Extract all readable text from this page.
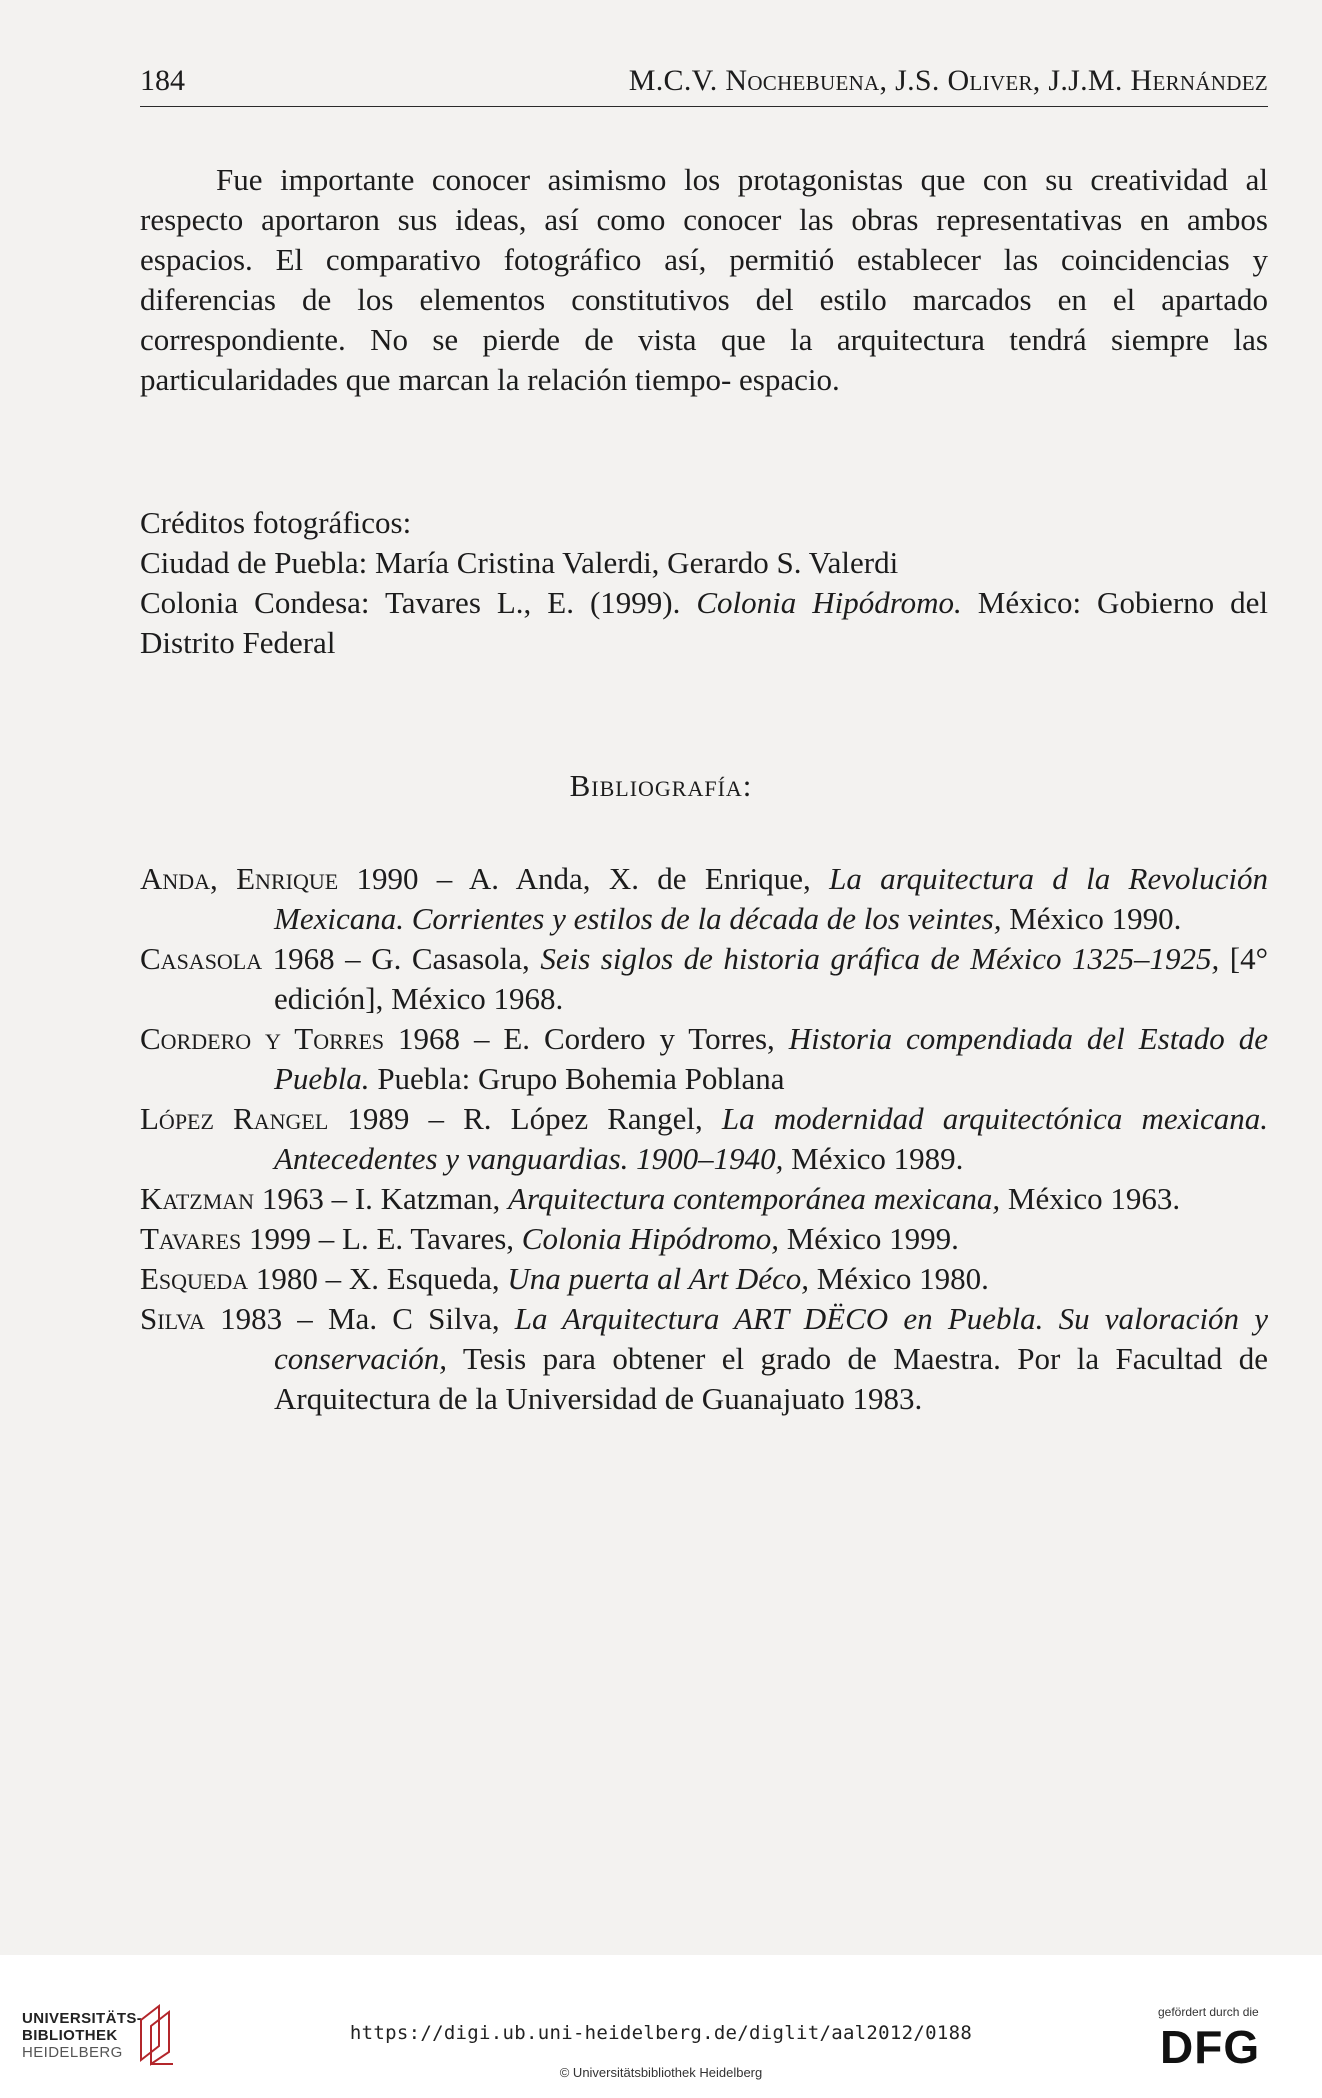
184	M.C.V. Nochebuena, J.S. Oliver, J.J.M. Hernández

Fue importante conocer asimismo los protagonistas que con su creatividad al respecto aportaron sus ideas, así como conocer las obras representativas en ambos espacios. El comparativo fotográfico así, permitió establecer las coincidencias y diferencias de los elementos constitutivos del estilo marcados en el apartado correspondiente. No se pierde de vista que la arquitectura tendrá siempre las particularidades que marcan la relación tiempo- espacio.

Créditos fotográficos:
Ciudad de Puebla: María Cristina Valerdi, Gerardo S. Valerdi
Colonia Condesa: Tavares L., E. (1999). Colonia Hipódromo. México: Gobierno del Distrito Federal
Bibliografía:

Anda, Enrique 1990 – A. Anda, X. de Enrique, La arquitectura d la Revolución Mexicana. Corrientes y estilos de la década de los veintes, México 1990.

Casasola 1968 – G. Casasola, Seis siglos de historia gráfica de México 1325–1925, [4° edición], México 1968.

Cordero y Torres 1968 – E. Cordero y Torres, Historia compendiada del Estado de Puebla. Puebla: Grupo Bohemia Poblana

López Rangel 1989 – R. López Rangel, La modernidad arquitectónica mexicana. Antecedentes y vanguardias. 1900–1940, México 1989.

Katzman 1963 – I. Katzman, Arquitectura contemporánea mexicana, México 1963.

Tavares 1999 – L. E. Tavares, Colonia Hipódromo, México 1999.

Esqueda 1980 – X. Esqueda, Una puerta al Art Déco, México 1980.

Silva 1983 – Ma. C Silva, La Arquitectura ART DËCO en Puebla. Su valoración y conservación, Tesis para obtener el grado de Maestra. Por la Facultad de Arquitectura de la Universidad de Guanajuato 1983.

UNIVERSITÄTS-
BIBLIOTHEK
HEIDELBERG
https://digi.ub.uni-heidelberg.de/diglit/aal2012/0188
© Universitätsbibliothek Heidelberg
gefördert durch die
DFG
